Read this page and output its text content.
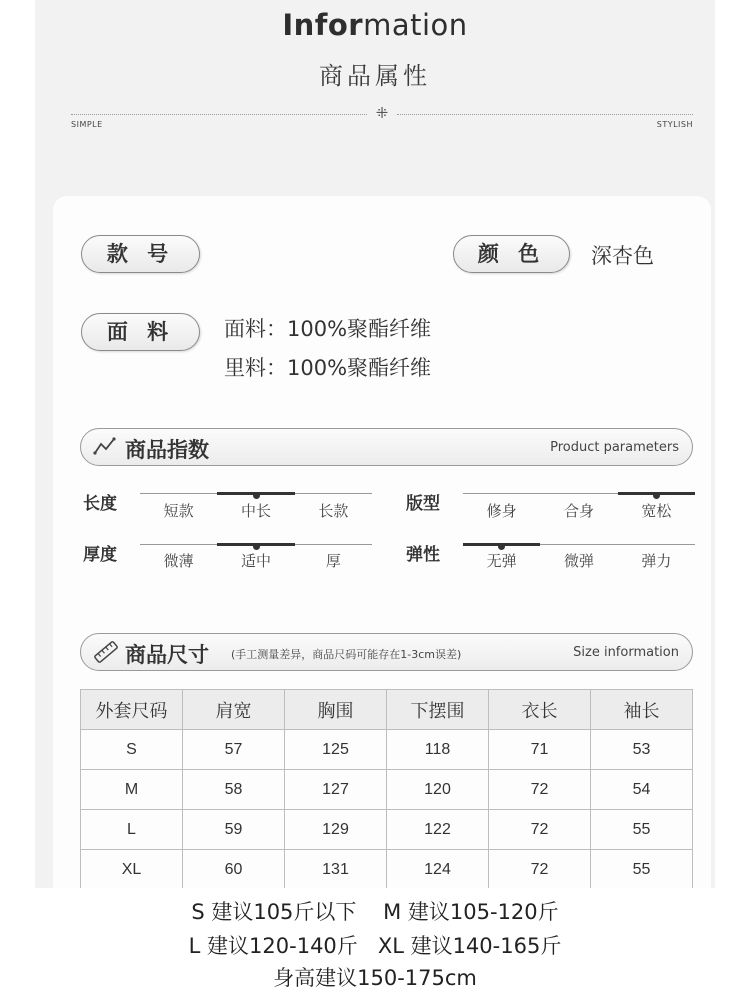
Information
商品属性
⁜
SIMPLE	STYLISH
款 号	颜 色	深杏色
面 料	面料：100%聚酯纤维
里料：100%聚酯纤维
商品指数	Product parameters
长度	短款	中长	长款
厚度	微薄	适中	厚
版型	修身	合身	宽松
弹性	无弹	微弹	弹力
商品尺寸 (手工测量差异，商品尺码可能存在1-3cm误差)	Size information
外套尺码	肩宽	胸围	下摆围	衣长	袖长
S	57	125	118	71	53
M	58	127	120	72	54
L	59	129	122	72	55
XL	60	131	124	72	55

S 建议105斤以下    M 建议105-120斤
L 建议120-140斤   XL 建议140-165斤
身高建议150-175cm
